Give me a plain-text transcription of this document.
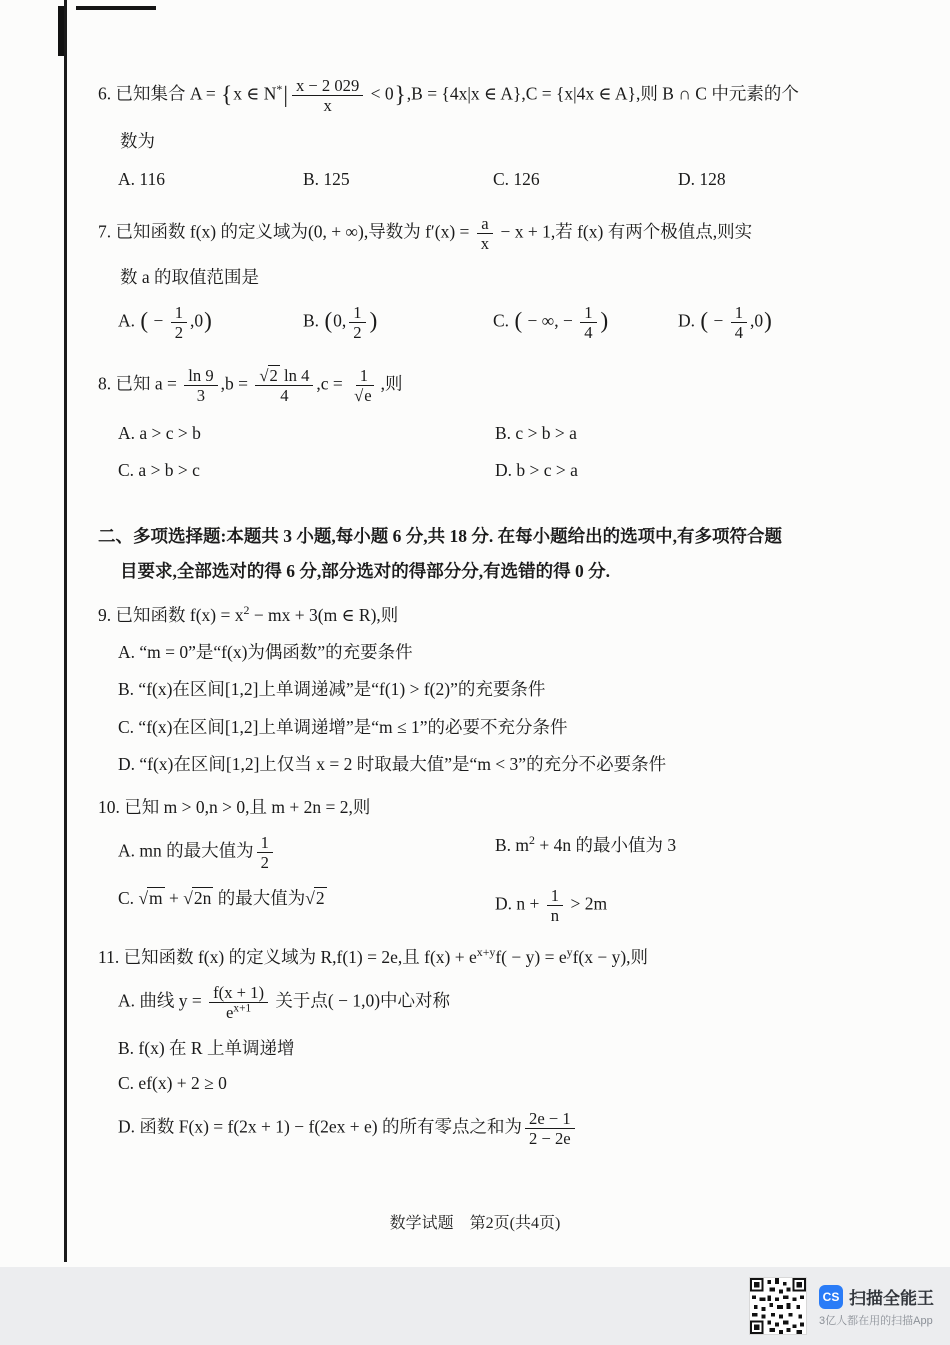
6. 已知集合 A = {x ∈ $N^*| \frac{x - 2 029}{x} < 0\},B = \{4x|x$ ∈ A},C = {x|4x ∈ A},则 B ∩ C 中元素的个
数为
A. 116	B. 125	C. 126	D. 128
7. 已知函数 f(x) 的定义域为(0, + ∞),导数为 $f'(x) = \frac{a}{x} - x + 1$,若 f(x) 有两个极值点,则实
数 a 的取值范围是
A. ( − $\frac{1}{2} ,0$)	B. (0, $\frac{1}{2}$ )	C. ( − ∞, − $\frac{1}{4}$ )	D. ( − $\frac{1}{4} ,0$)
8. 已知 $a = \frac{\ln 9}{3} ,b = \frac{√2 \ln 4}{4} ,c = \frac{1}{√e}$ ,则
A. a > c > b	B. c > b > a
C. a > b > c	D. b > c > a
二、多项选择题:本题共 3 小题,每小题 6 分,共 18 分. 在每小题给出的选项中,有多项符合题
目要求,全部选对的得 6 分,部分选对的得部分分,有选错的得 0 分.
9. 已知函数 $f(x) = x^2$ − mx + 3(m ∈ R),则
A. “m = 0”是“f(x)为偶函数”的充要条件
B. “f(x)在区间[1,2]上单调递减”是“f(1) > f(2)”的充要条件
C. “f(x)在区间[1,2]上单调递增”是“m ≤ 1”的必要不充分条件
D. “f(x)在区间[1,2]上仅当 x = 2 时取最大值”是“m < 3”的充分不必要条件
10. 已知 m > 0,n > 0,且 m + 2n = 2,则
A. mn 的最大值为 $\frac{1}{2}$	B. $m^2 + 4n$ 的最小值为 3
C. √m + √2n 的最大值为√2	D. $n + \frac{1}{n} > 2m$
11. 已知函数 f(x) 的定义域为 R,f(1) = 2e,且 $f(x) + e^{x+y}f( - y) = e^yf(x - y)$,则
A. 曲线 $y = \frac{f(x + 1)}{e^{x+1}}$ 关于点( − 1,0)中心对称
B. f(x) 在 R 上单调递增
C. ef(x) + 2 ≥ 0
D. 函数 F(x) = f(2x + 1) − f(2ex + e) 的所有零点之和为 $\frac{2e - 1}{2 - 2e}$
数学试题　第2页(共4页)
CS 扫描全能王
3亿人都在用的扫描App
